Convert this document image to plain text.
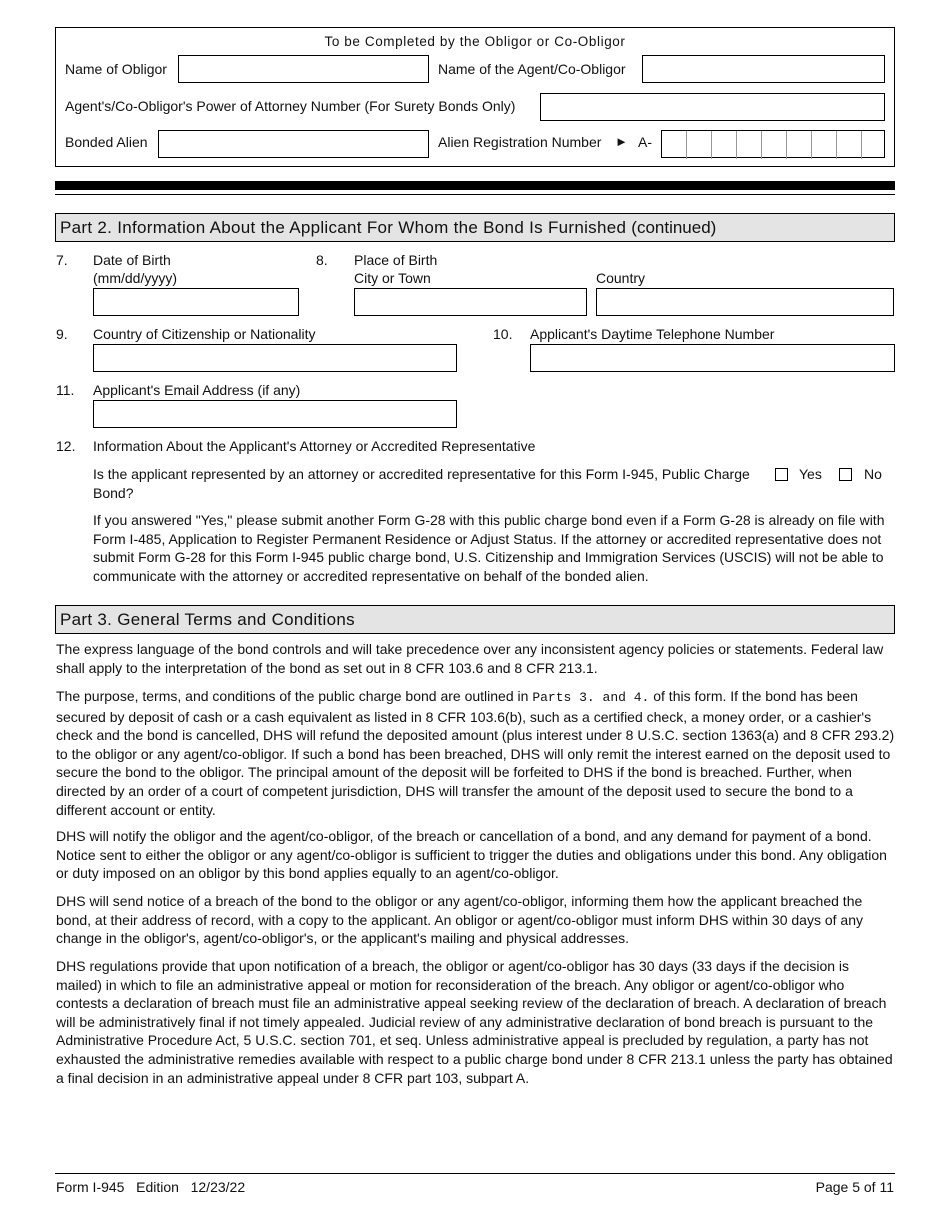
To be Completed by the Obligor or Co-Obligor
Name of Obligor	Name of the Agent/Co-Obligor
Agent's/Co-Obligor's Power of Attorney Number (For Surety Bonds Only)
Bonded Alien	Alien Registration Number ► A-
Part 2. Information About the Applicant For Whom the Bond Is Furnished (continued)
7. Date of Birth
(mm/dd/yyyy)
8. Place of Birth
City or Town	Country
9. Country of Citizenship or Nationality	10. Applicant's Daytime Telephone Number
11. Applicant's Email Address (if any)
12. Information About the Applicant's Attorney or Accredited Representative
Is the applicant represented by an attorney or accredited representative for this Form I-945, Public Charge
Bond?
Yes	No
If you answered "Yes," please submit another Form G-28 with this public charge bond even if a Form G-28 is already on file with Form I-485, Application to Register Permanent Residence or Adjust Status. If the attorney or accredited representative does not submit Form G-28 for this Form I-945 public charge bond, U.S. Citizenship and Immigration Services (USCIS) will not be able to communicate with the attorney or accredited representative on behalf of the bonded alien.
Part 3. General Terms and Conditions
The express language of the bond controls and will take precedence over any inconsistent agency policies or statements. Federal law shall apply to the interpretation of the bond as set out in 8 CFR 103.6 and 8 CFR 213.1.
The purpose, terms, and conditions of the public charge bond are outlined in Parts 3. and 4. of this form. If the bond has been secured by deposit of cash or a cash equivalent as listed in 8 CFR 103.6(b), such as a certified check, a money order, or a cashier's check and the bond is cancelled, DHS will refund the deposited amount (plus interest under 8 U.S.C. section 1363(a) and 8 CFR 293.2) to the obligor or any agent/co-obligor. If such a bond has been breached, DHS will only remit the interest earned on the deposit used to secure the bond to the obligor. The principal amount of the deposit will be forfeited to DHS if the bond is breached. Further, when directed by an order of a court of competent jurisdiction, DHS will transfer the amount of the deposit used to secure the bond to a different account or entity.
DHS will notify the obligor and the agent/co-obligor, of the breach or cancellation of a bond, and any demand for payment of a bond. Notice sent to either the obligor or any agent/co-obligor is sufficient to trigger the duties and obligations under this bond. Any obligation or duty imposed on an obligor by this bond applies equally to an agent/co-obligor.
DHS will send notice of a breach of the bond to the obligor or any agent/co-obligor, informing them how the applicant breached the bond, at their address of record, with a copy to the applicant. An obligor or agent/co-obligor must inform DHS within 30 days of any change in the obligor's, agent/co-obligor's, or the applicant's mailing and physical addresses.
DHS regulations provide that upon notification of a breach, the obligor or agent/co-obligor has 30 days (33 days if the decision is mailed) in which to file an administrative appeal or motion for reconsideration of the breach. Any obligor or agent/co-obligor who contests a declaration of breach must file an administrative appeal seeking review of the declaration of breach. A declaration of breach will be administratively final if not timely appealed. Judicial review of any administrative declaration of bond breach is pursuant to the Administrative Procedure Act, 5 U.S.C. section 701, et seq. Unless administrative appeal is precluded by regulation, a party has not exhausted the administrative remedies available with respect to a public charge bond under 8 CFR 213.1 unless the party has obtained a final decision in an administrative appeal under 8 CFR part 103, subpart A.
Form I-945   Edition   12/23/22	Page 5 of 11
